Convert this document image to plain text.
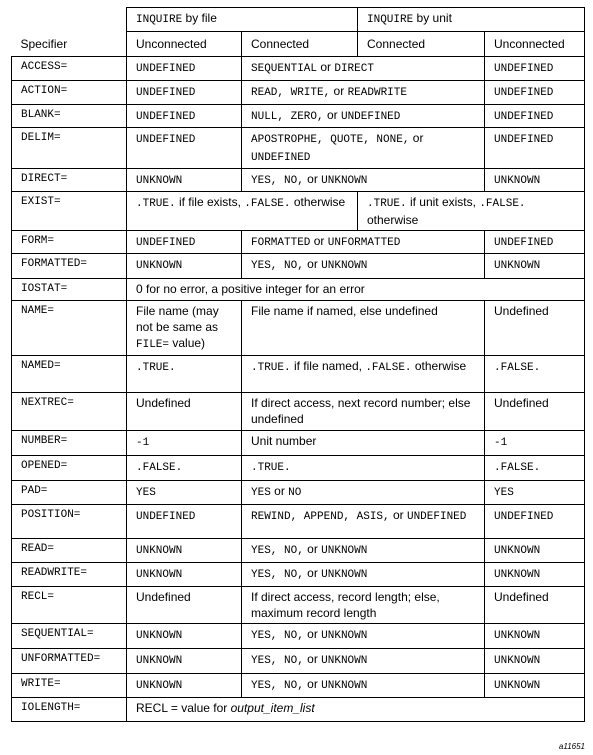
	INQUIRE by file		INQUIRE by unit	
Specifier	Unconnected	Connected	Connected	Unconnected
ACCESS=	UNDEFINED	SEQUENTIAL or DIRECT		UNDEFINED
ACTION=	UNDEFINED	READ, WRITE, or READWRITE		UNDEFINED
BLANK=	UNDEFINED	NULL, ZERO, or UNDEFINED		UNDEFINED
DELIM=	UNDEFINED	APOSTROPHE, QUOTE, NONE, or UNDEFINED		UNDEFINED
DIRECT=	UNKNOWN	YES, NO, or UNKNOWN		UNKNOWN
EXIST=	.TRUE. if file exists, .FALSE. otherwise		.TRUE. if unit exists, .FALSE. otherwise	
FORM=	UNDEFINED	FORMATTED or UNFORMATTED		UNDEFINED
FORMATTED=	UNKNOWN	YES, NO, or UNKNOWN		UNKNOWN
IOSTAT=	0 for no error, a positive integer for an error			
NAME=	File name (may not be same as FILE= value)	File name if named, else undefined		Undefined
NAMED=	.TRUE.	.TRUE. if file named, .FALSE. otherwise		.FALSE.
NEXTREC=	Undefined	If direct access, next record number; else undefined		Undefined
NUMBER=	-1	Unit number		-1
OPENED=	.FALSE.	.TRUE.		.FALSE.
PAD=	YES	YES or NO		YES
POSITION=	UNDEFINED	REWIND, APPEND, ASIS, or UNDEFINED		UNDEFINED
READ=	UNKNOWN	YES, NO, or UNKNOWN		UNKNOWN
READWRITE=	UNKNOWN	YES, NO, or UNKNOWN		UNKNOWN
RECL=	Undefined	If direct access, record length; else, maximum record length		Undefined
SEQUENTIAL=	UNKNOWN	YES, NO, or UNKNOWN		UNKNOWN
UNFORMATTED=	UNKNOWN	YES, NO, or UNKNOWN		UNKNOWN
WRITE=	UNKNOWN	YES, NO, or UNKNOWN		UNKNOWN
IOLENGTH=	RECL = value for output_item_list			
a11651
